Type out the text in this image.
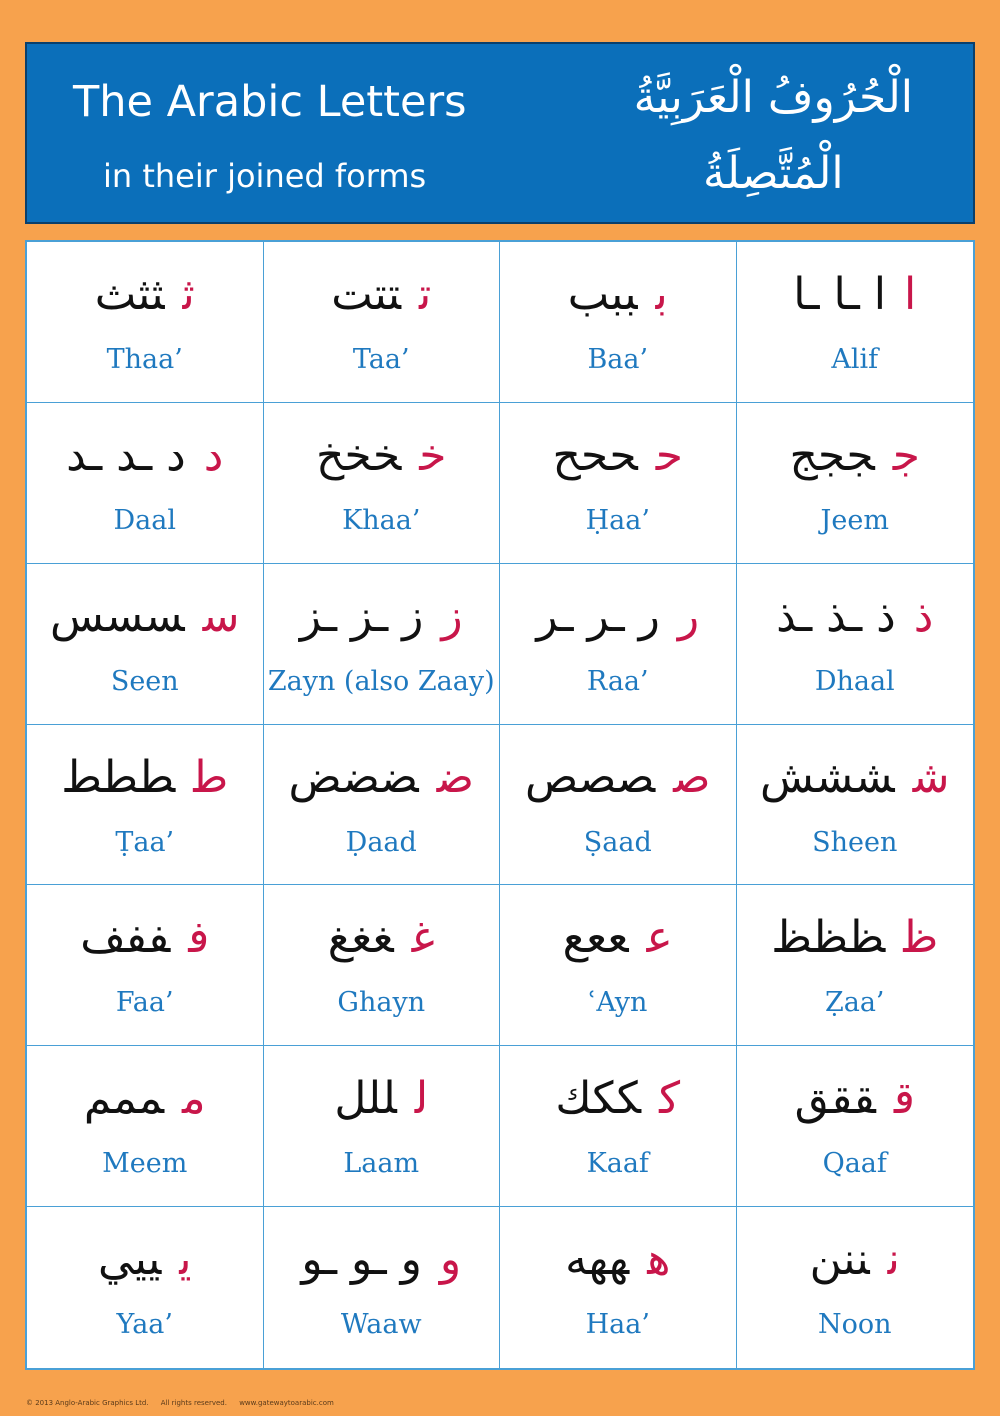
The Arabic Letters
in their joined forms
الْحُرُوفُ الْعَرَبِيَّةُ
الْمُتَّصِلَةُ
ثثثث
Thaa’
تتتت
Taa’
بببب
Baa’
اا ـا ـا
Alif
دد ـد ـد
Daal
خخخخ
Khaa’
حححح
Ḥaa’
جججج
Jeem
سسسس
Seen
زز ـز ـز
Zayn (also Zaay)
رر ـر ـر
Raa’
ذذ ـذ ـذ
Dhaal
طططط
Ṭaa’
ضضضض
Ḍaad
صصصص
Ṣaad
شششش
Sheen
فففف
Faa’
غغغغ
Ghayn
عععع
ʿAyn
ظظظظ
Ẓaa’
مممم
Meem
لللل
Laam
كككك
Kaaf
قققق
Qaaf
يييي
Yaa’
وو ـو ـو
Waaw
هههه
Haa’
نننن
Noon
© 2013 Anglo-Arabic Graphics Ltd. All rights reserved. www.gatewaytoarabic.com
